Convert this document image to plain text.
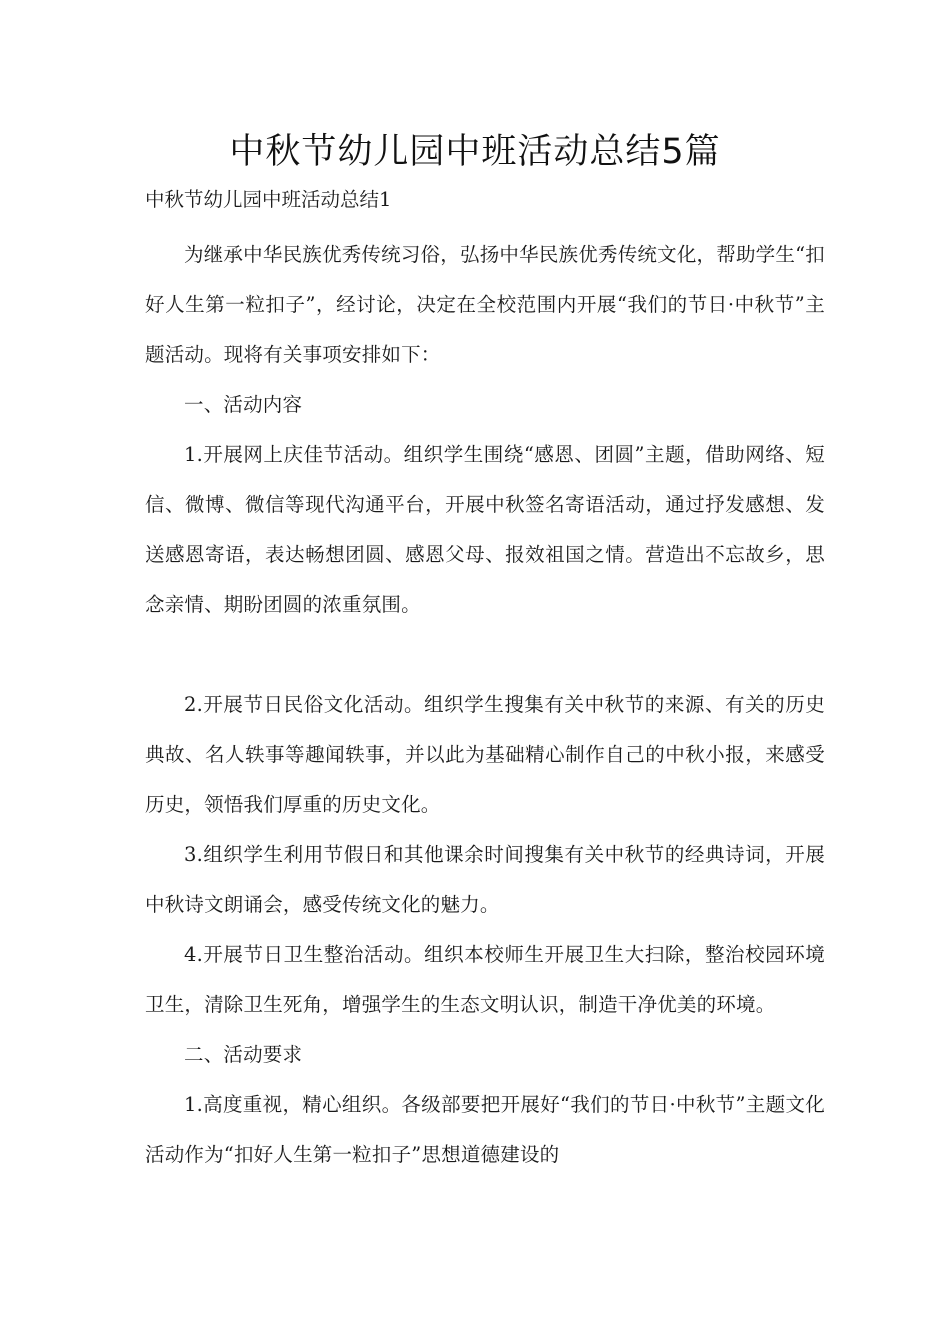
中秋节幼儿园中班活动总结5篇

中秋节幼儿园中班活动总结1

为继承中华民族优秀传统习俗，弘扬中华民族优秀传统文化，帮助学生“扣好人生第一粒扣子”，经讨论，决定在全校范围内开展“我们的节日·中秋节”主题活动。现将有关事项安排如下：

一、活动内容

1.开展网上庆佳节活动。组织学生围绕“感恩、团圆”主题，借助网络、短信、微博、微信等现代沟通平台，开展中秋签名寄语活动，通过抒发感想、发送感恩寄语，表达畅想团圆、感恩父母、报效祖国之情。营造出不忘故乡，思念亲情、期盼团圆的浓重氛围。

2.开展节日民俗文化活动。组织学生搜集有关中秋节的来源、有关的历史典故、名人轶事等趣闻轶事，并以此为基础精心制作自己的中秋小报，来感受历史，领悟我们厚重的历史文化。

3.组织学生利用节假日和其他课余时间搜集有关中秋节的经典诗词，开展中秋诗文朗诵会，感受传统文化的魅力。

4.开展节日卫生整治活动。组织本校师生开展卫生大扫除，整治校园环境卫生，清除卫生死角，增强学生的生态文明认识，制造干净优美的环境。

二、活动要求

1.高度重视，精心组织。各级部要把开展好“我们的节日·中秋节”主题文化活动作为“扣好人生第一粒扣子”思想道德建设的
